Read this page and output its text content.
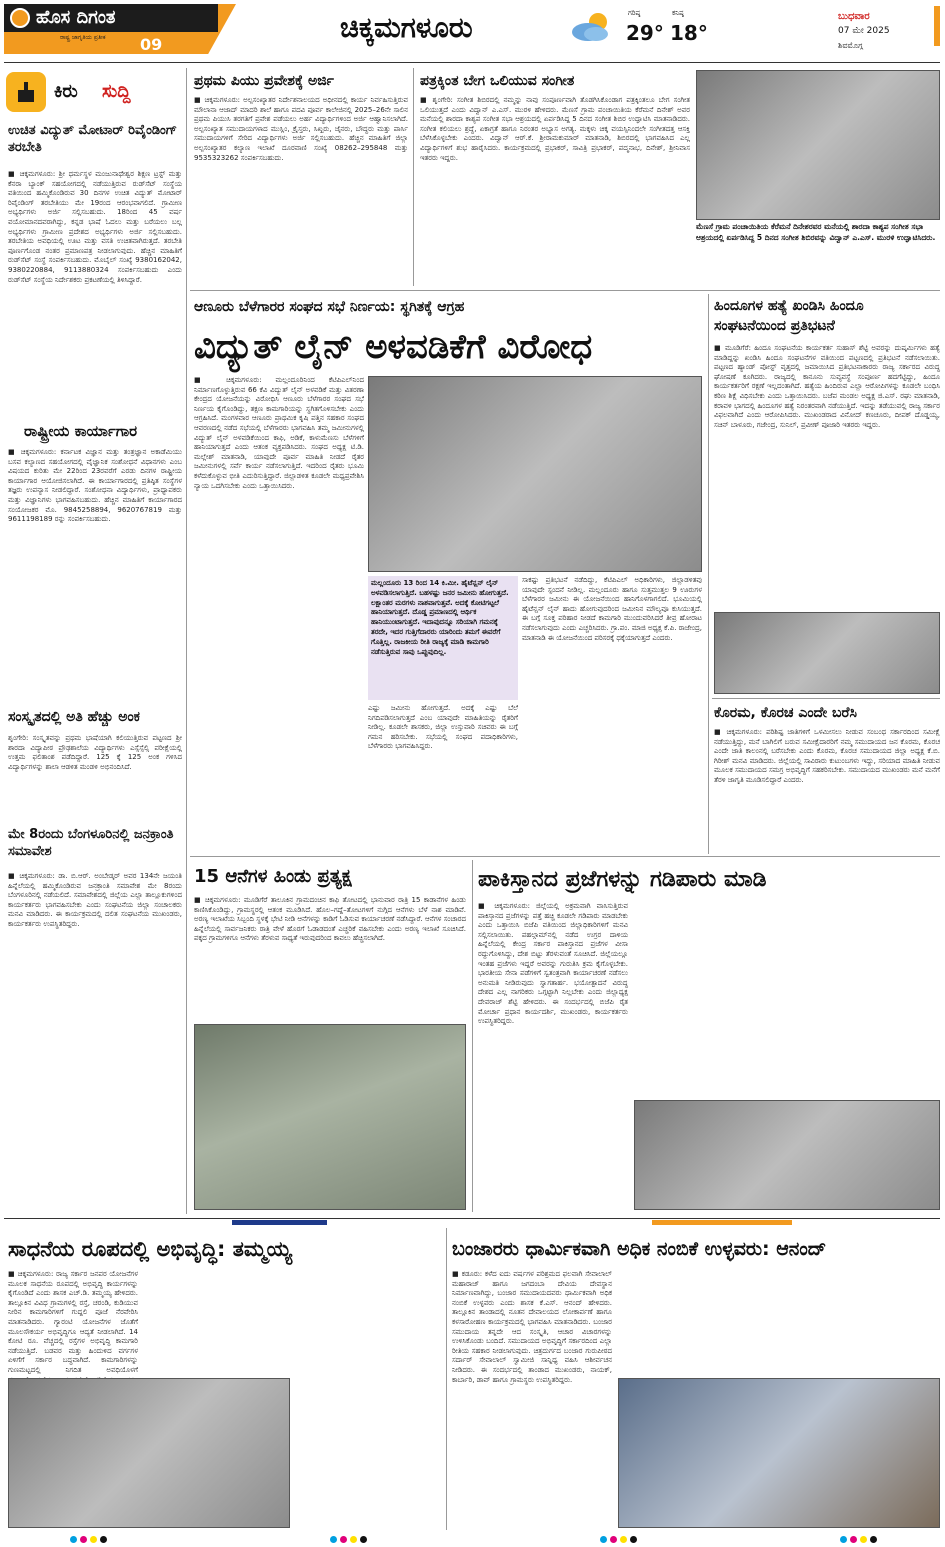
ಹೊಸ ದಿಗಂತ
ರಾಷ್ಟ್ರ ಜಾಗೃತಿಯ ಪ್ರತೀಕ	09
ಚಿಕ್ಕಮಗಳೂರು	ಗರಿಷ್ಠ
29°
ಕನಿಷ್ಠ
18°
ಬುಧವಾರ
07 ಮೇ 2025
ಶಿವಮೊಗ್ಗ
ಕಿರು	ಸುದ್ದಿ
ಉಚಿತ ವಿದ್ಯುತ್ ಮೋಟಾರ್ ರಿವೈಂಡಿಂಗ್ ತರಬೇತಿ
■ ಚಿಕ್ಕಮಗಳೂರು: ಶ್ರೀ ಧರ್ಮಸ್ಥಳ ಮಂಜುನಾಥೇಶ್ವರ ಶಿಕ್ಷಣ ಟ್ರಸ್ಟ್ ಮತ್ತು ಕೆನರಾ ಬ್ಯಾಂಕ್ ಸಹಯೋಗದಲ್ಲಿ ನಡೆಯುತ್ತಿರುವ ರುಡ್‌ಸೆಟ್ ಸಂಸ್ಥೆಯ ವತಿಯಿಂದ ಹಮ್ಮಿಕೊಂಡಿರುವ 30 ದಿನಗಳ ಉಚಿತ ವಿದ್ಯುತ್ ಮೋಟಾರ್ ರಿವೈಂಡಿಂಗ್ ತರಬೇತಿಯು ಮೇ 19ರಂದ ಆರಂಭವಾಗಲಿದೆ. ಗ್ರಾಮೀಣ ಅಭ್ಯರ್ಥಿಗಳು ಅರ್ಜಿ ಸಲ್ಲಿಸಬಹುದು. 18ರಿಂದ 45 ವರ್ಷ ವಯೋಮಾನದವರಾಗಿದ್ದು, ಕನ್ನಡ ಭಾಷೆ ಓದಲು ಮತ್ತು ಬರೆಯಲು ಬಲ್ಲ ಅಭ್ಯರ್ಥಿಗಳು ಗ್ರಾಮೀಣ ಪ್ರದೇಶದ ಅಭ್ಯರ್ಥಿಗಳು ಅರ್ಜಿ ಸಲ್ಲಿಸಬಹುದು. ತರಬೇತಿಯ ಅವಧಿಯಲ್ಲಿ ಊಟ ಮತ್ತು ವಸತಿ ಉಚಿತವಾಗಿರುತ್ತದೆ. ತರಬೇತಿ ಪೂರ್ಣಗೊಂಡ ನಂತರ ಪ್ರಮಾಣಪತ್ರ ನೀಡಲಾಗುವುದು. ಹೆಚ್ಚಿನ ಮಾಹಿತಿಗೆ ರುಡ್‌ಸೆಟ್ ಸಂಸ್ಥೆ ಸಂಪರ್ಕಿಸಬಹುದು. ಮೊಬೈಲ್ ಸಂಖ್ಯೆ 9380162042, 9380220884, 9113880324 ಸಂಪರ್ಕಿಸಬಹುದು ಎಂದು ರುಡ್‌ಸೆಟ್ ಸಂಸ್ಥೆಯ ನಿರ್ದೇಶಕರು ಪ್ರಕಟಣೆಯಲ್ಲಿ ತಿಳಿಸಿದ್ದಾರೆ.
ರಾಷ್ಟ್ರೀಯ ಕಾರ್ಯಾಗಾರ
■ ಚಿಕ್ಕಮಗಳೂರು: ಕರ್ನಾಟಕ ವಿಜ್ಞಾನ ಮತ್ತು ತಂತ್ರಜ್ಞಾನ ಅಕಾಡೆಮಿಯು ಬಸವ ಕಲ್ಯಾಣದ ಸಹಯೋಗದಲ್ಲಿ ವೈಜ್ಞಾನಿಕ ಸಂಶೋಧನೆ ವಿಧಾನಗಳು ಎಂಬ ವಿಷಯದ ಕುರಿತು ಮೇ 22ರಿಂದ 23ರವರೆಗೆ ಎರಡು ದಿನಗಳ ರಾಷ್ಟ್ರೀಯ ಕಾರ್ಯಾಗಾರ ಆಯೋಜಿಸಲಾಗಿದೆ. ಈ ಕಾರ್ಯಾಗಾರದಲ್ಲಿ ಪ್ರತಿಷ್ಠಿತ ಸಂಸ್ಥೆಗಳ ತಜ್ಞರು ಉಪನ್ಯಾಸ ನೀಡಲಿದ್ದಾರೆ. ಸಂಶೋಧನಾ ವಿದ್ಯಾರ್ಥಿಗಳು, ಪ್ರಾಧ್ಯಾಪಕರು ಮತ್ತು ವಿಜ್ಞಾನಿಗಳು ಭಾಗವಹಿಸಬಹುದು. ಹೆಚ್ಚಿನ ಮಾಹಿತಿಗೆ ಕಾರ್ಯಾಗಾರದ ಸಂಯೋಜಕರ ಮೊ. 9845258894, 9620767819 ಮತ್ತು 9611198189 ರನ್ನು ಸಂಪರ್ಕಿಸಬಹುದು.
ಸಂಸ್ಕೃತದಲ್ಲಿ ಅತಿ ಹೆಚ್ಚು ಅಂಕ
ಶೃಂಗೇರಿ: ಸಂಸ್ಕೃತವನ್ನು ಪ್ರಥಮ ಭಾಷೆಯಾಗಿ ಕಲಿಯುತ್ತಿರುವ ಪಟ್ಟಣದ ಶ್ರೀ ಶಾರದಾ ವಿದ್ಯಾಪೀಠ ಪ್ರೌಢಶಾಲೆಯ ವಿದ್ಯಾರ್ಥಿಗಳು ಎಸ್ಸೆಸ್ಸೆಲ್ಸಿ ಪರೀಕ್ಷೆಯಲ್ಲಿ ಉತ್ತಮ ಫಲಿತಾಂಶ ಪಡೆದಿದ್ದಾರೆ. 125 ಕ್ಕೆ 125 ಅಂಕ ಗಳಿಸಿದ ವಿದ್ಯಾರ್ಥಿಗಳನ್ನು ಶಾಲಾ ಆಡಳಿತ ಮಂಡಳಿ ಅಭಿನಂದಿಸಿದೆ.
ಮೇ 8ರಂದು ಬೆಂಗಳೂರಿನಲ್ಲಿ ಜನಕ್ರಾಂತಿ ಸಮಾವೇಶ
■ ಚಿಕ್ಕಮಗಳೂರು: ಡಾ. ಬಿ.ಆರ್. ಅಂಬೇಡ್ಕರ್ ಅವರ 134ನೇ ಜಯಂತಿ ಹಿನ್ನೆಲೆಯಲ್ಲಿ ಹಮ್ಮಿಕೊಂಡಿರುವ ಜನಕ್ರಾಂತಿ ಸಮಾವೇಶ ಮೇ 8ರಂದು ಬೆಂಗಳೂರಿನಲ್ಲಿ ನಡೆಯಲಿದೆ. ಸಮಾವೇಶದಲ್ಲಿ ಜಿಲ್ಲೆಯ ಎಲ್ಲಾ ತಾಲ್ಲೂಕುಗಳಿಂದ ಕಾರ್ಯಕರ್ತರು ಭಾಗವಹಿಸಬೇಕು ಎಂದು ಸಂಘಟನೆಯ ಜಿಲ್ಲಾ ಸಂಚಾಲಕರು ಮನವಿ ಮಾಡಿದರು. ಈ ಕಾರ್ಯಕ್ರಮದಲ್ಲಿ ದಲಿತ ಸಂಘಟನೆಯ ಮುಖಂಡರು, ಕಾರ್ಯಕರ್ತರು ಉಪಸ್ಥಿತರಿದ್ದರು.
ಪ್ರಥಮ ಪಿಯು ಪ್ರವೇಶಕ್ಕೆ ಅರ್ಜಿ
■ ಚಿಕ್ಕಮಗಳೂರು: ಅಲ್ಪಸಂಖ್ಯಾತರ ನಿರ್ದೇಶನಾಲಯದ ಅಧೀನದಲ್ಲಿ ಕಾರ್ಯ ನಿರ್ವಹಿಸುತ್ತಿರುವ ಮೌಲಾನಾ ಆಜಾದ್ ಮಾದರಿ ಶಾಲೆ ಹಾಗೂ ಪದವಿ ಪೂರ್ವ ಕಾಲೇಜಿನಲ್ಲಿ 2025–26ನೇ ಸಾಲಿನ ಪ್ರಥಮ ಪಿಯುಸಿ ತರಗತಿಗೆ ಪ್ರವೇಶ ಪಡೆಯಲು ಅರ್ಹ ವಿದ್ಯಾರ್ಥಿಗಳಿಂದ ಅರ್ಜಿ ಆಹ್ವಾನಿಸಲಾಗಿದೆ. ಅಲ್ಪಸಂಖ್ಯಾತ ಸಮುದಾಯಗಳಾದ ಮುಸ್ಲಿಂ, ಕ್ರೈಸ್ತರು, ಸಿಖ್ಖರು, ಜೈನರು, ಬೌದ್ಧರು ಮತ್ತು ಪಾರ್ಸಿ ಸಮುದಾಯಗಳಿಗೆ ಸೇರಿದ ವಿದ್ಯಾರ್ಥಿಗಳು ಅರ್ಜಿ ಸಲ್ಲಿಸಬಹುದು. ಹೆಚ್ಚಿನ ಮಾಹಿತಿಗೆ ಜಿಲ್ಲಾ ಅಲ್ಪಸಂಖ್ಯಾತರ ಕಲ್ಯಾಣ ಇಲಾಖೆ ದೂರವಾಣಿ ಸಂಖ್ಯೆ 08262–295848 ಮತ್ತು 9535323262 ಸಂಪರ್ಕಿಸಬಹುದು.
ಪತ್ರಕ್ಕಿಂತ ಬೇಗ ಒಲಿಯುವ ಸಂಗೀತ
■ ಶೃಂಗೇರಿ: ಸಂಗೀತ ಶಿಬಿರದಲ್ಲಿ ನಮ್ಮನ್ನು ನಾವು ಸಂಪೂರ್ಣವಾಗಿ ತೊಡಗಿಸಿಕೊಂಡಾಗ ಪತ್ರಕ್ಕಿಂತಲೂ ಬೇಗ ಸಂಗೀತ ಒಲಿಯುತ್ತದೆ ಎಂದು ವಿದ್ವಾನ್ ಎ.ಎಸ್. ಮುರಳಿ ಹೇಳಿದರು. ಮೆಣಸೆ ಗ್ರಾಮ ಪಂಚಾಯಿತಿಯ ಕೆರೆಮನೆ ದಿನೇಶ್ ಅವರ ಮನೆಯಲ್ಲಿ ಶಾರದಾ ಕಾಶ್ಯಪ ಸಂಗೀತ ಸಭಾ ಆಶ್ರಯದಲ್ಲಿ ಏರ್ಪಡಿಸಿದ್ದ 5 ದಿನದ ಸಂಗೀತ ಶಿಬಿರ ಉದ್ಘಾಟಿಸಿ ಮಾತನಾಡಿದರು. ಸಂಗೀತ ಕಲಿಯಲು ಶ್ರದ್ಧೆ, ಏಕಾಗ್ರತೆ ಹಾಗೂ ನಿರಂತರ ಅಭ್ಯಾಸ ಅಗತ್ಯ. ಮಕ್ಕಳು ಚಿಕ್ಕ ವಯಸ್ಸಿನಿಂದಲೇ ಸಂಗೀತದತ್ತ ಆಸಕ್ತಿ ಬೆಳೆಸಿಕೊಳ್ಳಬೇಕು ಎಂದರು. ವಿದ್ವಾನ್ ಆರ್.ಕೆ. ಶ್ರೀರಾಮಕುಮಾರ್ ಮಾತನಾಡಿ, ಶಿಬಿರದಲ್ಲಿ ಭಾಗವಹಿಸಿದ ಎಲ್ಲ ವಿದ್ಯಾರ್ಥಿಗಳಿಗೆ ಶುಭ ಹಾರೈಸಿದರು. ಕಾರ್ಯಕ್ರಮದಲ್ಲಿ ಪ್ರಭಾಕರ್, ಸಾವಿತ್ರಿ ಪ್ರಭಾಕರ್, ಪದ್ಮನಾಭ, ದಿನೇಶ್, ಶ್ರೀನಿವಾಸ ಇತರರು ಇದ್ದರು.
ಮೆಣಸೆ ಗ್ರಾಮ ಪಂಚಾಯಿತಿಯ ಕೆರೆಮನೆ ದಿನೇಶರವರ ಮನೆಯಲ್ಲಿ ಶಾರದಾ ಕಾಶ್ಯಪ ಸಂಗೀತ ಸಭಾ ಆಶ್ರಯದಲ್ಲಿ ಏರ್ಪಡಿಸಿದ್ದ 5 ದಿನದ ಸಂಗೀತ ಶಿಬಿರವನ್ನು ವಿದ್ವಾನ್ ಎ.ಎಸ್. ಮುರಳಿ ಉದ್ಘಾಟಿಸಿದರು.
ಆಣೂರು ಬೆಳೆಗಾರರ ಸಂಘದ ಸಭೆ ನಿರ್ಣಯ: ಸ್ಥಗಿತಕ್ಕೆ ಆಗ್ರಹ
ವಿದ್ಯುತ್ ಲೈನ್ ಅಳವಡಿಕೆಗೆ ವಿರೋಧ
■ ಚಿಕ್ಕಮಗಳೂರು: ಮಲ್ಲಂದೂರಿನಿಂದ ಕೆಟಿಪಿಎಲ್‌ನಿಂದ ನಿರ್ಮಾಣಗೊಳ್ಳುತ್ತಿರುವ 66 ಕೆವಿ ವಿದ್ಯುತ್ ಲೈನ್ ಅಳವಡಿಕೆ ಮತ್ತು ವಿತರಣಾ ಕೇಂದ್ರದ ಯೋಜನೆಯನ್ನು ವಿರೋಧಿಸಿ ಆಣೂರು ಬೆಳೆಗಾರರ ಸಂಘದ ಸಭೆ ನಿರ್ಣಯ ಕೈಗೊಂಡಿದ್ದು, ತಕ್ಷಣ ಕಾಮಗಾರಿಯನ್ನು ಸ್ಥಗಿತಗೊಳಿಸಬೇಕು ಎಂದು ಆಗ್ರಹಿಸಿದೆ. ಮಂಗಳವಾರ ಆಣೂರು ಪ್ರಾಥಮಿಕ ಕೃಷಿ ಪತ್ತಿನ ಸಹಕಾರ ಸಂಘದ ಆವರಣದಲ್ಲಿ ನಡೆದ ಸಭೆಯಲ್ಲಿ ಬೆಳೆಗಾರರು ಭಾಗವಹಿಸಿ ತಮ್ಮ ಜಮೀನುಗಳಲ್ಲಿ ವಿದ್ಯುತ್ ಲೈನ್ ಅಳವಡಿಕೆಯಿಂದ ಕಾಫಿ, ಅಡಿಕೆ, ಕಾಳುಮೆಣಸು ಬೆಳೆಗಳಿಗೆ ಹಾನಿಯಾಗುತ್ತದೆ ಎಂದು ಆತಂಕ ವ್ಯಕ್ತಪಡಿಸಿದರು. ಸಂಘದ ಅಧ್ಯಕ್ಷ ಟಿ.ಡಿ. ಮಲ್ಲೇಶ್ ಮಾತನಾಡಿ, ಯಾವುದೇ ಪೂರ್ವ ಮಾಹಿತಿ ನೀಡದೆ ರೈತರ ಜಮೀನುಗಳಲ್ಲಿ ಸರ್ವೆ ಕಾರ್ಯ ನಡೆಸಲಾಗುತ್ತಿದೆ. ಇದರಿಂದ ರೈತರು ಭೂಮಿ ಕಳೆದುಕೊಳ್ಳುವ ಭೀತಿ ಎದುರಿಸುತ್ತಿದ್ದಾರೆ. ಜಿಲ್ಲಾಡಳಿತ ಕೂಡಲೇ ಮಧ್ಯಪ್ರವೇಶಿಸಿ ನ್ಯಾಯ ಒದಗಿಸಬೇಕು ಎಂದು ಒತ್ತಾಯಿಸಿದರು.
ಮಲ್ಲಂದೂರು 13 ರಿಂದ 14 ಕಿ.ಮೀ. ಹೈಟೆನ್ಷನ್ ಲೈನ್ ಅಳವಡಿಸಲಾಗುತ್ತಿದೆ. ಬಹಳಷ್ಟು ಜನರ ಜಮೀನು ಹೋಗುತ್ತದೆ. ಲಕ್ಷಾಂತರ ಮರಗಳು ನಾಶವಾಗುತ್ತವೆ. ಅದಕ್ಕೆ ಕೋಟಿಗಟ್ಟಲೆ ಹಾನಿಯಾಗುತ್ತದೆ. ದೊಡ್ಡ ಪ್ರಮಾಣದಲ್ಲಿ ಆರ್ಥಿಕ ಹಾನಿಯುಂಟಾಗುತ್ತದೆ. ಇದಾವುದನ್ನೂ ಸರಿಯಾಗಿ ಗಮನಕ್ಕೆ ತರದೇ, ಇದರ ಗುತ್ತಿಗೆದಾರರು ಯಾರಿಂದು ತಮಗೆ ಈವರೆಗೆ ಗೊತ್ತಿಲ್ಲ. ರಾಜಕೀಯ ರೀತಿ ರಾಜ್ಯಕ್ಕೆ ಮಾಡಿ ಕಾಮಗಾರಿ ನಡೆಸುತ್ತಿರುವ ಸಾವು ಒಪ್ಪುವುದಿಲ್ಲ.
ಸಾಕಷ್ಟು ಪ್ರತಿಭಟನೆ ನಡೆದಿದ್ದು, ಕೆಟಿಪಿಎಲ್ ಅಧಿಕಾರಿಗಳು, ಜಿಲ್ಲಾಡಳಿತವು ಯಾವುದೇ ಸ್ಪಂದನೆ ನೀಡಿಲ್ಲ. ಮಲ್ಲಂದೂರು ಹಾಗೂ ಸುತ್ತಮುತ್ತಲ 9 ಊರುಗಳ ಬೆಳೆಗಾರರ ಜಮೀನು ಈ ಯೋಜನೆಯಿಂದ ಹಾನಿಗೊಳಗಾಗಲಿದೆ. ಭೂಮಿಯಲ್ಲಿ ಹೈಟೆನ್ಷನ್ ಲೈನ್ ಹಾದು ಹೋಗುವುದರಿಂದ ಜಮೀನಿನ ಮೌಲ್ಯವೂ ಕುಸಿಯುತ್ತದೆ. ಈ ಬಗ್ಗೆ ಸೂಕ್ತ ಪರಿಹಾರ ನೀಡದೆ ಕಾಮಗಾರಿ ಮುಂದುವರಿಸಿದರೆ ತೀವ್ರ ಹೋರಾಟ ನಡೆಸಲಾಗುವುದು ಎಂದು ಎಚ್ಚರಿಸಿದರು. ಗ್ರಾ.ಪಂ. ಮಾಜಿ ಅಧ್ಯಕ್ಷ ಕೆ.ಪಿ. ರಾಜೇಂದ್ರ, ಮಾತನಾಡಿ ಈ ಯೋಜನೆಯಿಂದ ಪರಿಸರಕ್ಕೆ ಧಕ್ಕೆಯಾಗುತ್ತದೆ ಎಂದರು.
ಎಷ್ಟು ಜಮೀನು ಹೋಗುತ್ತದೆ. ಅದಕ್ಕೆ ಎಷ್ಟು ಬೆಲೆ ನಿಗದಿಪಡಿಸಲಾಗುತ್ತದೆ ಎಂಬ ಯಾವುದೇ ಮಾಹಿತಿಯನ್ನು ರೈತರಿಗೆ ನೀಡಿಲ್ಲ. ಕೂಡಲೇ ಶಾಸಕರು, ಜಿಲ್ಲಾ ಉಸ್ತುವಾರಿ ಸಚಿವರು ಈ ಬಗ್ಗೆ ಗಮನ ಹರಿಸಬೇಕು. ಸಭೆಯಲ್ಲಿ ಸಂಘದ ಪದಾಧಿಕಾರಿಗಳು, ಬೆಳೆಗಾರರು ಭಾಗವಹಿಸಿದ್ದರು.
ಹಿಂದೂಗಳ ಹತ್ಯೆ ಖಂಡಿಸಿ ಹಿಂದೂ ಸಂಘಟನೆಯಿಂದ ಪ್ರತಿಭಟನೆ
■ ಮೂಡಿಗೆರೆ: ಹಿಂದೂ ಸಂಘಟನೆಯ ಕಾರ್ಯಕರ್ತ ಸುಹಾಸ್ ಶೆಟ್ಟಿ ಅವರನ್ನು ದುಷ್ಕರ್ಮಿಗಳು ಹತ್ಯೆ ಮಾಡಿದ್ದನ್ನು ಖಂಡಿಸಿ ಹಿಂದೂ ಸಂಘಟನೆಗಳ ವತಿಯಿಂದ ಪಟ್ಟಣದಲ್ಲಿ ಪ್ರತಿಭಟನೆ ನಡೆಸಲಾಯಿತು. ಪಟ್ಟಣದ ಹ್ಯಾಂಡ್ ಪೋಸ್ಟ್ ವೃತ್ತದಲ್ಲಿ ಜಮಾಯಿಸಿದ ಪ್ರತಿಭಟನಾಕಾರರು ರಾಜ್ಯ ಸರ್ಕಾರದ ವಿರುದ್ಧ ಘೋಷಣೆ ಕೂಗಿದರು. ರಾಜ್ಯದಲ್ಲಿ ಕಾನೂನು ಸುವ್ಯವಸ್ಥೆ ಸಂಪೂರ್ಣ ಹದಗೆಟ್ಟಿದ್ದು, ಹಿಂದೂ ಕಾರ್ಯಕರ್ತರಿಗೆ ರಕ್ಷಣೆ ಇಲ್ಲದಂತಾಗಿದೆ. ಹತ್ಯೆಯ ಹಿಂದಿರುವ ಎಲ್ಲಾ ಆರೋಪಿಗಳನ್ನು ಕೂಡಲೇ ಬಂಧಿಸಿ ಕಠಿಣ ಶಿಕ್ಷೆ ವಿಧಿಸಬೇಕು ಎಂದು ಒತ್ತಾಯಿಸಿದರು. ಬಜೆಪ ಮಂಡಲ ಅಧ್ಯಕ್ಷ ಜಿ.ಎಸ್. ರಘು ಮಾತನಾಡಿ, ಕರಾವಳಿ ಭಾಗದಲ್ಲಿ ಹಿಂದೂಗಳ ಹತ್ಯೆ ನಿರಂತರವಾಗಿ ನಡೆಯುತ್ತಿದೆ. ಇದನ್ನು ತಡೆಯುವಲ್ಲಿ ರಾಜ್ಯ ಸರ್ಕಾರ ವಿಫಲವಾಗಿದೆ ಎಂದು ಆರೋಪಿಸಿದರು. ಮುಖಂಡರಾದ ವಿನೋದ್ ಕಣಚೂರು, ದೀಪಕ್ ದೊಡ್ಡಯ್ಯ, ಸಚಿನ್ ಬಾಳೂರು, ಗಜೇಂದ್ರ, ಸುನಿಲ್, ಪ್ರವೀಣ್ ಪೂಜಾರಿ ಇತರರು ಇದ್ದರು.
ಕೊರಮ, ಕೊರಚ ಎಂದೇ ಬರೆಸಿ
■ ಚಿಕ್ಕಮಗಳೂರು: ಪರಿಶಿಷ್ಟ ಜಾತಿಗಳಿಗೆ ಒಳಮೀಸಲು ನೀಡುವ ಸಂಬಂಧ ಸರ್ಕಾರದಿಂದ ಸಮೀಕ್ಷೆ ನಡೆಯುತ್ತಿದ್ದು, ಮನೆ ಬಾಗಿಲಿಗೆ ಬರುವ ಸಮೀಕ್ಷೆದಾರರಿಗೆ ನಮ್ಮ ಸಮುದಾಯದ ಜನ ಕೊರಮ, ಕೊರಚ ಎಂದೇ ಜಾತಿ ಕಾಲಂನಲ್ಲಿ ಬರೆಸಬೇಕು ಎಂದು ಕೊರಮ, ಕೊರಚ ಸಮುದಾಯದ ಜಿಲ್ಲಾ ಅಧ್ಯಕ್ಷ ಕೆ.ಬಿ. ಗಿರೀಶ್ ಮನವಿ ಮಾಡಿದರು. ಜಿಲ್ಲೆಯಲ್ಲಿ ಸಾವಿರಾರು ಕುಟುಂಬಗಳು ಇದ್ದು, ಸರಿಯಾದ ಮಾಹಿತಿ ನೀಡುವ ಮೂಲಕ ಸಮುದಾಯದ ಸಮಗ್ರ ಅಭಿವೃದ್ಧಿಗೆ ಸಹಕರಿಸಬೇಕು. ಸಮುದಾಯದ ಮುಖಂಡರು ಮನೆ ಮನೆಗೆ ತೆರಳಿ ಜಾಗೃತಿ ಮೂಡಿಸಲಿದ್ದಾರೆ ಎಂದರು.
15 ಆನೆಗಳ ಹಿಂಡು ಪ್ರತ್ಯಕ್ಷ
■ ಚಿಕ್ಕಮಗಳೂರು: ಮೂಡಿಗೆರೆ ತಾಲೂಕಿನ ಗ್ರಾಮದಂಚಿನ ಕಾಫಿ ತೋಟದಲ್ಲಿ ಭಾನುವಾರ ರಾತ್ರಿ 15 ಕಾಡಾನೆಗಳ ಹಿಂಡು ಕಾಣಿಸಿಕೊಂಡಿದ್ದು, ಗ್ರಾಮಸ್ಥರಲ್ಲಿ ಆತಂಕ ಮೂಡಿಸಿದೆ. ಹೊಲ–ಗದ್ದೆ–ತೋಟಗಳಿಗೆ ನುಗ್ಗಿದ ಆನೆಗಳು ಬೆಳೆ ನಾಶ ಮಾಡಿವೆ. ಅರಣ್ಯ ಇಲಾಖೆಯ ಸಿಬ್ಬಂದಿ ಸ್ಥಳಕ್ಕೆ ಭೇಟಿ ನೀಡಿ ಆನೆಗಳನ್ನು ಕಾಡಿಗೆ ಓಡಿಸುವ ಕಾರ್ಯಾಚರಣೆ ನಡೆಸಿದ್ದಾರೆ. ಆನೆಗಳ ಸಂಚಾರದ ಹಿನ್ನೆಲೆಯಲ್ಲಿ ಸಾರ್ವಜನಿಕರು ರಾತ್ರಿ ವೇಳೆ ಹೊರಗೆ ಓಡಾಡದಂತೆ ಎಚ್ಚರಿಕೆ ವಹಿಸಬೇಕು ಎಂದು ಅರಣ್ಯ ಇಲಾಖೆ ಸೂಚಿಸಿದೆ. ಪಕ್ಕದ ಗ್ರಾಮಗಳಿಗೂ ಆನೆಗಳು ತೆರಳುವ ಸಾಧ್ಯತೆ ಇರುವುದರಿಂದ ಕಾವಲು ಹೆಚ್ಚಿಸಲಾಗಿದೆ.
ಪಾಕಿಸ್ತಾನದ ಪ್ರಜೆಗಳನ್ನು ಗಡಿಪಾರು ಮಾಡಿ
■ ಚಿಕ್ಕಮಗಳೂರು: ಜಿಲ್ಲೆಯಲ್ಲಿ ಅಕ್ರಮವಾಗಿ ವಾಸಿಸುತ್ತಿರುವ ಪಾಕಿಸ್ತಾನದ ಪ್ರಜೆಗಳನ್ನು ಪತ್ತೆ ಹಚ್ಚಿ ಕೂಡಲೇ ಗಡಿಪಾರು ಮಾಡಬೇಕು ಎಂದು ಒತ್ತಾಯಿಸಿ ಬಿಜೆಪಿ ವತಿಯಿಂದ ಜಿಲ್ಲಾಧಿಕಾರಿಗಳಿಗೆ ಮನವಿ ಸಲ್ಲಿಸಲಾಯಿತು. ಪಹಲ್ಗಾಮ್‌ನಲ್ಲಿ ನಡೆದ ಉಗ್ರರ ದಾಳಿಯ ಹಿನ್ನೆಲೆಯಲ್ಲಿ ಕೇಂದ್ರ ಸರ್ಕಾರ ಪಾಕಿಸ್ತಾನದ ಪ್ರಜೆಗಳ ವೀಸಾ ರದ್ದುಗೊಳಿಸಿದ್ದು, ದೇಶ ಬಿಟ್ಟು ತೆರಳುವಂತೆ ಸೂಚಿಸಿದೆ. ಜಿಲ್ಲೆಯಲ್ಲೂ ಇಂತಹ ಪ್ರಜೆಗಳು ಇದ್ದರೆ ಅವರನ್ನು ಗುರುತಿಸಿ ಕ್ರಮ ಕೈಗೊಳ್ಳಬೇಕು. ಭಾರತೀಯ ಸೇನಾ ಪಡೆಗಳಿಗೆ ಸ್ವತಂತ್ರವಾಗಿ ಕಾರ್ಯಾಚರಣೆ ನಡೆಸಲು ಅನುಮತಿ ನೀಡಿರುವುದು ಸ್ವಾಗತಾರ್ಹ. ಭಯೋತ್ಪಾದನೆ ವಿರುದ್ಧ ದೇಶದ ಎಲ್ಲ ನಾಗರಿಕರು ಒಗ್ಗಟ್ಟಾಗಿ ನಿಲ್ಲಬೇಕು ಎಂದು ಜಿಲ್ಲಾಧ್ಯಕ್ಷ ದೇವರಾಜ್ ಶೆಟ್ಟಿ ಹೇಳಿದರು. ಈ ಸಂದರ್ಭದಲ್ಲಿ ಬಿಜೆಪಿ ರೈತ ಮೋರ್ಚಾ ಪ್ರಧಾನ ಕಾರ್ಯದರ್ಶಿ, ಮುಖಂಡರು, ಕಾರ್ಯಕರ್ತರು ಉಪಸ್ಥಿತರಿದ್ದರು.
ಸಾಧನೆಯ ರೂಪದಲ್ಲಿ ಅಭಿವೃದ್ಧಿ: ತಮ್ಮಯ್ಯ
■ ಚಿಕ್ಕಮಗಳೂರು: ರಾಜ್ಯ ಸರ್ಕಾರ ಜನಪರ ಯೋಜನೆಗಳ ಮೂಲಕ ಸಾಧನೆಯ ರೂಪದಲ್ಲಿ ಅಭಿವೃದ್ಧಿ ಕಾರ್ಯಗಳನ್ನು ಕೈಗೊಂಡಿದೆ ಎಂದು ಶಾಸಕ ಎಚ್.ಡಿ. ತಮ್ಮಯ್ಯ ಹೇಳಿದರು. ತಾಲ್ಲೂಕಿನ ವಿವಿಧ ಗ್ರಾಮಗಳಲ್ಲಿ ರಸ್ತೆ, ಚರಂಡಿ, ಕುಡಿಯುವ ನೀರಿನ ಕಾಮಗಾರಿಗಳಿಗೆ ಗುದ್ದಲಿ ಪೂಜೆ ನೆರವೇರಿಸಿ ಮಾತನಾಡಿದರು. ಗ್ಯಾರಂಟಿ ಯೋಜನೆಗಳ ಜೊತೆಗೆ ಮೂಲಸೌಕರ್ಯ ಅಭಿವೃದ್ಧಿಗೂ ಆದ್ಯತೆ ನೀಡಲಾಗಿದೆ. 14 ಕೋಟಿ ರೂ. ವೆಚ್ಚದಲ್ಲಿ ರಸ್ತೆಗಳ ಅಭಿವೃದ್ಧಿ ಕಾಮಗಾರಿ ನಡೆಯುತ್ತಿದೆ. ಬಡವರ ಮತ್ತು ಹಿಂದುಳಿದ ವರ್ಗಗಳ ಏಳಿಗೆಗೆ ಸರ್ಕಾರ ಬದ್ಧವಾಗಿದೆ. ಕಾಮಗಾರಿಗಳನ್ನು ಗುಣಮಟ್ಟದಲ್ಲಿ ನಿಗದಿತ ಅವಧಿಯೊಳಗೆ
ಬಂಜಾರರು ಧಾರ್ಮಿಕವಾಗಿ ಅಧಿಕ ನಂಬಿಕೆ ಉಳ್ಳವರು: ಆನಂದ್
■ ಕಡೂರು: ಕಳೆದ ಐದು ವರ್ಷಗಳ ಪರಿಶ್ರಮದ ಫಲವಾಗಿ ಸೇವಾಲಾಲ್ ಮಹಾರಾಜ್ ಹಾಗೂ ಜಗದಂಬಾ ದೇವಿಯ ದೇವಸ್ಥಾನ ನಿರ್ಮಾಣವಾಗಿದ್ದು, ಬಂಜಾರ ಸಮುದಾಯದವರು ಧಾರ್ಮಿಕವಾಗಿ ಅಧಿಕ ನಂಬಿಕೆ ಉಳ್ಳವರು ಎಂದು ಶಾಸಕ ಕೆ.ಎಸ್. ಆನಂದ್ ಹೇಳಿದರು. ತಾಲ್ಲೂಕಿನ ತಾಂಡಾದಲ್ಲಿ ನೂತನ ದೇವಾಲಯದ ಲೋಕಾರ್ಪಣೆ ಹಾಗೂ ಕಳಸಾರೋಹಣ ಕಾರ್ಯಕ್ರಮದಲ್ಲಿ ಭಾಗವಹಿಸಿ ಮಾತನಾಡಿದರು. ಬಂಜಾರ ಸಮುದಾಯ ತನ್ನದೇ ಆದ ಸಂಸ್ಕೃತಿ, ಆಚಾರ ವಿಚಾರಗಳನ್ನು ಉಳಿಸಿಕೊಂಡು ಬಂದಿದೆ. ಸಮುದಾಯದ ಅಭಿವೃದ್ಧಿಗೆ ಸರ್ಕಾರದಿಂದ ಎಲ್ಲಾ ರೀತಿಯ ಸಹಕಾರ ನೀಡಲಾಗುವುದು. ಚಿತ್ರದುರ್ಗದ ಬಂಜಾರ ಗುರುಪೀಠದ ಸರ್ದಾರ್ ಸೇವಾಲಾಲ್ ಸ್ವಾಮೀಜಿ ಸಾನ್ನಿಧ್ಯ ವಹಿಸಿ ಆಶೀರ್ವಚನ ನೀಡಿದರು. ಈ ಸಂದರ್ಭದಲ್ಲಿ ತಾಂಡಾದ ಮುಖಂಡರು, ನಾಯಕ್, ಕಾರ್ಬಾರಿ, ಡಾವ್ ಹಾಗೂ ಗ್ರಾಮಸ್ಥರು ಉಪಸ್ಥಿತರಿದ್ದರು.
